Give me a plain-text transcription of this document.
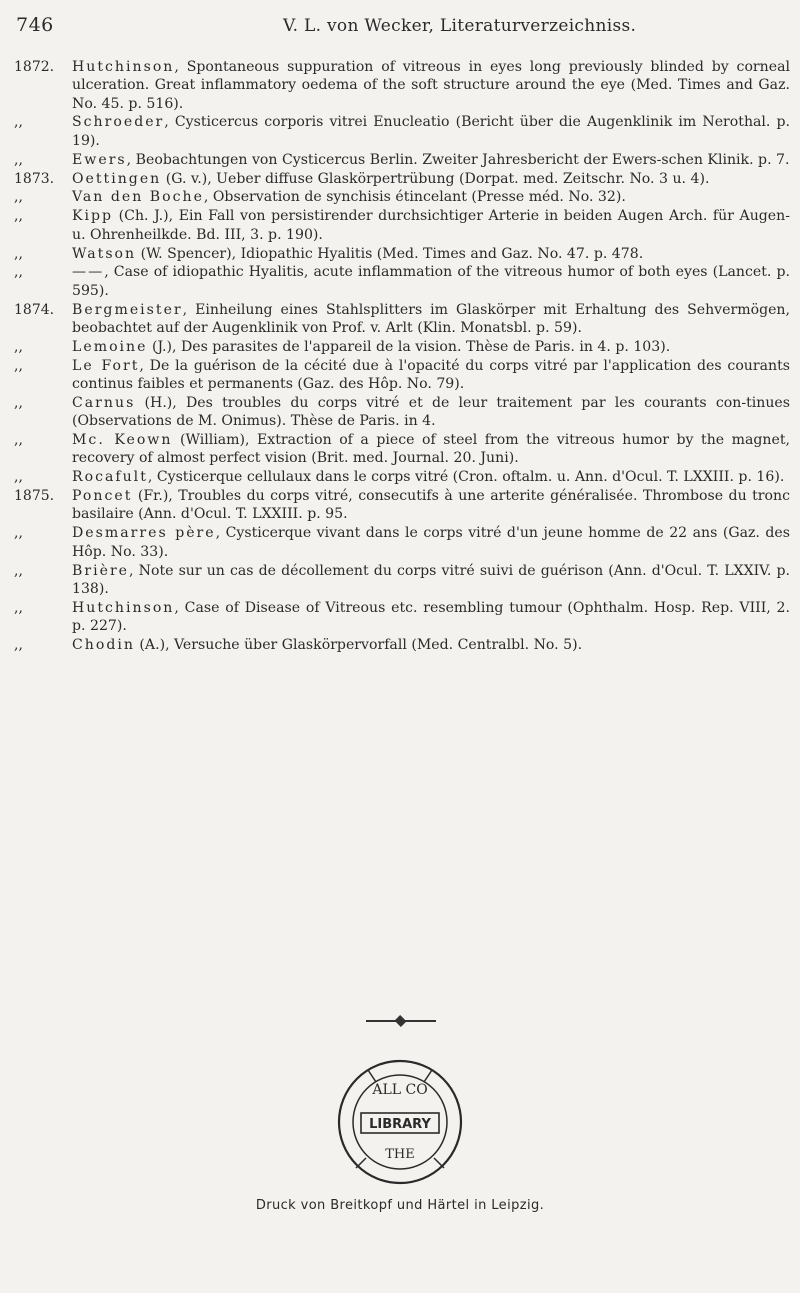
746	V. L. von Wecker, Literaturverzeichniss.
1872.	Hutchinson, Spontaneous suppuration of vitreous in eyes long previously blinded by corneal ulceration. Great inflammatory oedema of the soft structure around the eye (Med. Times and Gaz. No. 45. p. 516).
,,	Schroeder, Cysticercus corporis vitrei Enucleatio (Bericht über die Augenklinik im Nerothal. p. 19).
,,	Ewers, Beobachtungen von Cysticercus Berlin. Zweiter Jahresbericht der Ewers-schen Klinik. p. 7.
1873.	Oettingen (G. v.), Ueber diffuse Glaskörpertrübung (Dorpat. med. Zeitschr. No. 3 u. 4).
,,	Van den Boche, Observation de synchisis étincelant (Presse méd. No. 32).
,,	Kipp (Ch. J.), Ein Fall von persistirender durchsichtiger Arterie in beiden Augen Arch. für Augen- u. Ohrenheilkde. Bd. III, 3. p. 190).
,,	Watson (W. Spencer), Idiopathic Hyalitis (Med. Times and Gaz. No. 47. p. 478.
,,	——, Case of idiopathic Hyalitis, acute inflammation of the vitreous humor of both eyes (Lancet. p. 595).
1874.	Bergmeister, Einheilung eines Stahlsplitters im Glaskörper mit Erhaltung des Sehvermögen, beobachtet auf der Augenklinik von Prof. v. Arlt (Klin. Monatsbl. p. 59).
,,	Lemoine (J.), Des parasites de l'appareil de la vision. Thèse de Paris. in 4. p. 103).
,,	Le Fort, De la guérison de la cécité due à l'opacité du corps vitré par l'application des courants continus faibles et permanents (Gaz. des Hôp. No. 79).
,,	Carnus (H.), Des troubles du corps vitré et de leur traitement par les courants con-tinues (Observations de M. Onimus). Thèse de Paris. in 4.
,,	Mc. Keown (William), Extraction of a piece of steel from the vitreous humor by the magnet, recovery of almost perfect vision (Brit. med. Journal. 20. Juni).
,,	Rocafult, Cysticerque cellulaux dans le corps vitré (Cron. oftalm. u. Ann. d'Ocul. T. LXXIII. p. 16).
1875.	Poncet (Fr.), Troubles du corps vitré, consecutifs à une arterite généralisée. Thrombose du tronc basilaire (Ann. d'Ocul. T. LXXIII. p. 95.
,,	Desmarres père, Cysticerque vivant dans le corps vitré d'un jeune homme de 22 ans (Gaz. des Hôp. No. 33).
,,	Brière, Note sur un cas de décollement du corps vitré suivi de guérison (Ann. d'Ocul. T. LXXIV. p. 138).
,,	Hutchinson, Case of Disease of Vitreous etc. resembling tumour (Ophthalm. Hosp. Rep. VIII, 2. p. 227).
,,	Chodin (A.), Versuche über Glaskörpervorfall (Med. Centralbl. No. 5).
LIBRARY
ALL CO
THE
Druck von Breitkopf und Härtel in Leipzig.
